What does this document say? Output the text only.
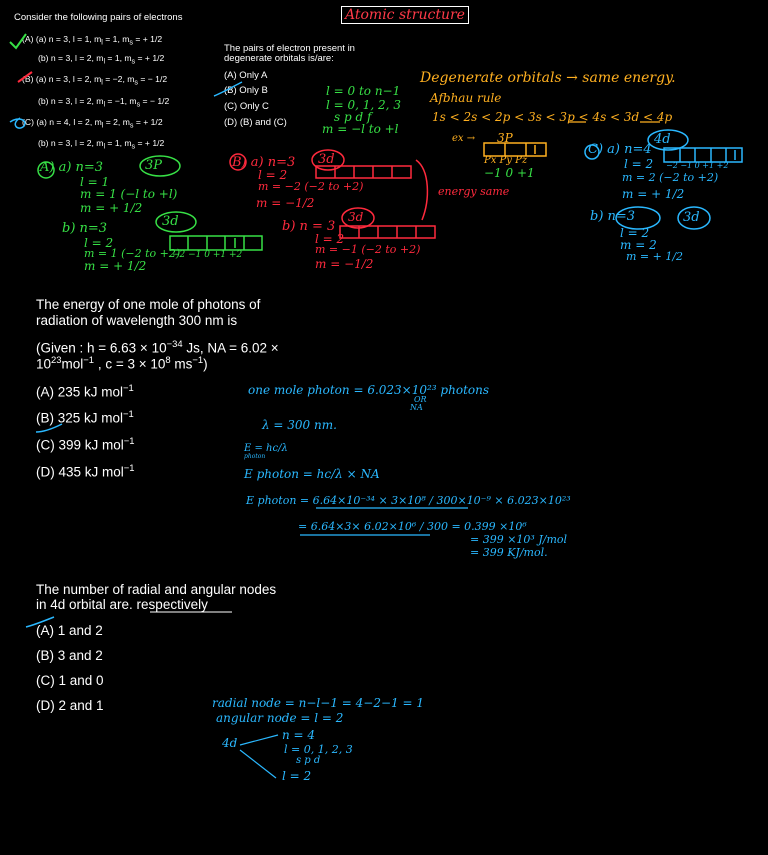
Consider the following pairs of electrons	Atomic structure
(A) (a) n = 3, l = 1, $m_l = 1$, $m_s$ = + 1/2
(b) n = 3, l = 2, $m_l = 1$, $m_s$ = + 1/2
(B) (a) n = 3, l = 2, $m_l = -2$, $m_s$ = − 1/2
(b) n = 3, l = 2, $m_l = -1$, $m_s$ = − 1/2
(C) (a) n = 4, l = 2, $m_l = 2$, $m_s$ = + 1/2
(b) n = 3, l = 2, $m_l = 1$, $m_s$ = + 1/2
The pairs of electron present in
degenerate orbitals is/are:
(A) Only A
(B) Only B
(C) Only C
(D) (B) and (C)
l = 0 to n−1
l = 0, 1, 2, 3
s p d f
m = −l to +l
Degenerate orbitals → same energy.
Afbhau rule
1s < 2s < 2p < 3s < 3p < 4s < 3d < 4p
ex → 3P
Px Py Pz
−1 0 +1
A) a) n=3	3P
l = 1
m = 1 (−l to +l)
m = + 1/2
b) n=3	3d
l = 2
m = 1 (−2 to +2)
m = + 1/2
−2 −1 0 +1 +2
B) a) n=3 3d
l = 2
m = −2 (−2 to +2)
m = −1/2
energy same
b) n = 3
3d
l = 2
m = −1 (−2 to +2)
m = −1/2
C) a) n=4
4d
l = 2
m = 2 (−2 to +2)
m = + 1/2
−2 −1 0 +1 +2
b) n=3	3d
l = 2
m = 2
m = + 1/2
The energy of one mole of photons of
radiation of wavelength 300 nm is
(Given : $h = 6.63 \times 10^{-34}$ Js, NA = 6.02 ×
$10^{23}mol^{-1}$ , $c = 3 \times 10^8$ $ms^{-1}$)
(A) 235 kJ mol$^{-1}$
(B) 325 kJ mol$^{-1}$
(C) 399 kJ mol$^{-1}$
(D) 435 kJ mol$^{-1}$
one mole photon = 6.023×10²³ photons
OR
NA
λ = 300 nm.
E = hc/λ
photon
E photon = hc/λ × NA
E photon = 6.64×10⁻³⁴ × 3×10⁸ / 300×10⁻⁹ × 6.023×10²³
= 6.64×3× 6.02×10⁶ / 300 = 0.399 ×10⁶
= 399 ×10³ J/mol
= 399 KJ/mol.
The number of radial and angular nodes
in 4d orbital are. respectively
(A) 1 and 2
(B) 3 and 2
(C) 1 and 0
(D) 2 and 1	radial node = n−l−1 = 4−2−1 = 1
angular node = l = 2
4d
n = 4
l = 0, 1, 2, 3
s p d
l = 2
